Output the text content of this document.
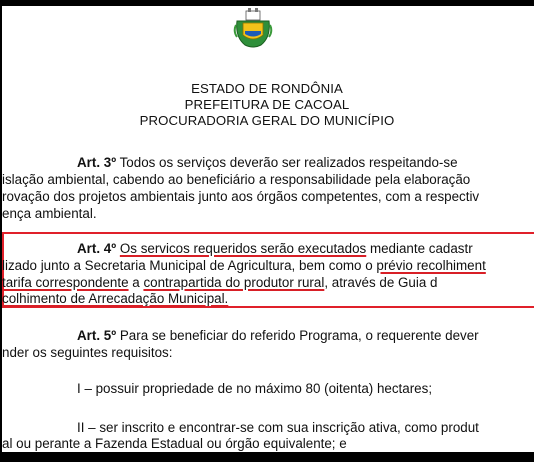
ESTADO DE RONDÔNIA
PREFEITURA DE CACOAL
PROCURADORIA GERAL DO MUNICÍPIO
Art. 3º Todos os serviços deverão ser realizados respeitando-se
islação ambiental, cabendo ao beneficiário a responsabilidade pela elaboração
rovação dos projetos ambientais junto aos órgãos competentes, com a respectiv
ença ambiental.
Art. 4º Os servicos requeridos serão executados mediante cadastr
lizado junto a Secretaria Municipal de Agricultura, bem como o prévio recolhiment
tarifa correspondente a contrapartida do produtor rural, através de Guia d
colhimento de Arrecadação Municipal.
Art. 5º Para se beneficiar do referido Programa, o requerente dever
nder os seguintes requisitos:
I – possuir propriedade de no máximo 80 (oitenta) hectares;
II – ser inscrito e encontrar-se com sua inscrição ativa, como produt
al ou perante a Fazenda Estadual ou órgão equivalente; e
